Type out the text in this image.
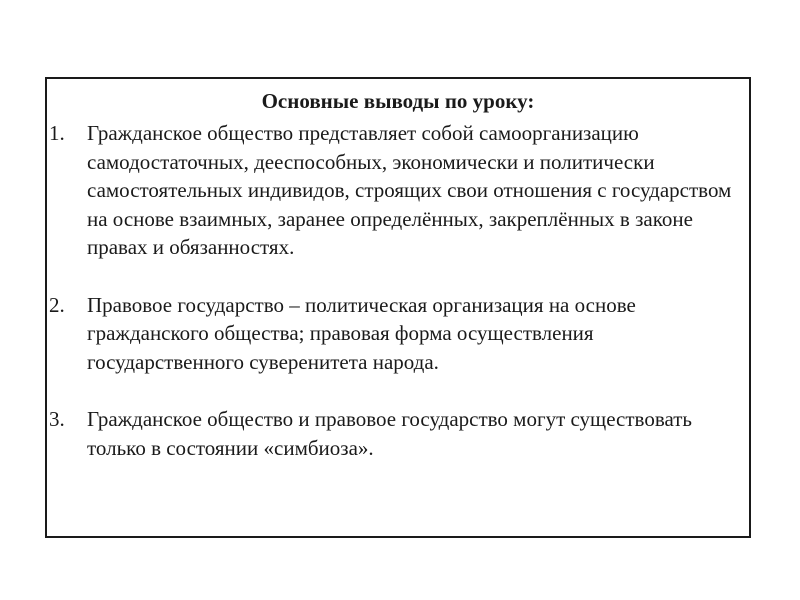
Основные выводы по уроку:
1.	Гражданское общество представляет собой самоорганизацию самодостаточных, дееспособных, экономически и политически самостоятельных индивидов, строящих свои отношения с государством на основе взаимных, заранее определённых, закреплённых в законе правах и обязанностях.
2.	Правовое государство – политическая организация на основе гражданского общества; правовая форма осуществления государственного суверенитета народа.
3.	Гражданское общество и правовое государство могут существовать только в состоянии «симбиоза».
